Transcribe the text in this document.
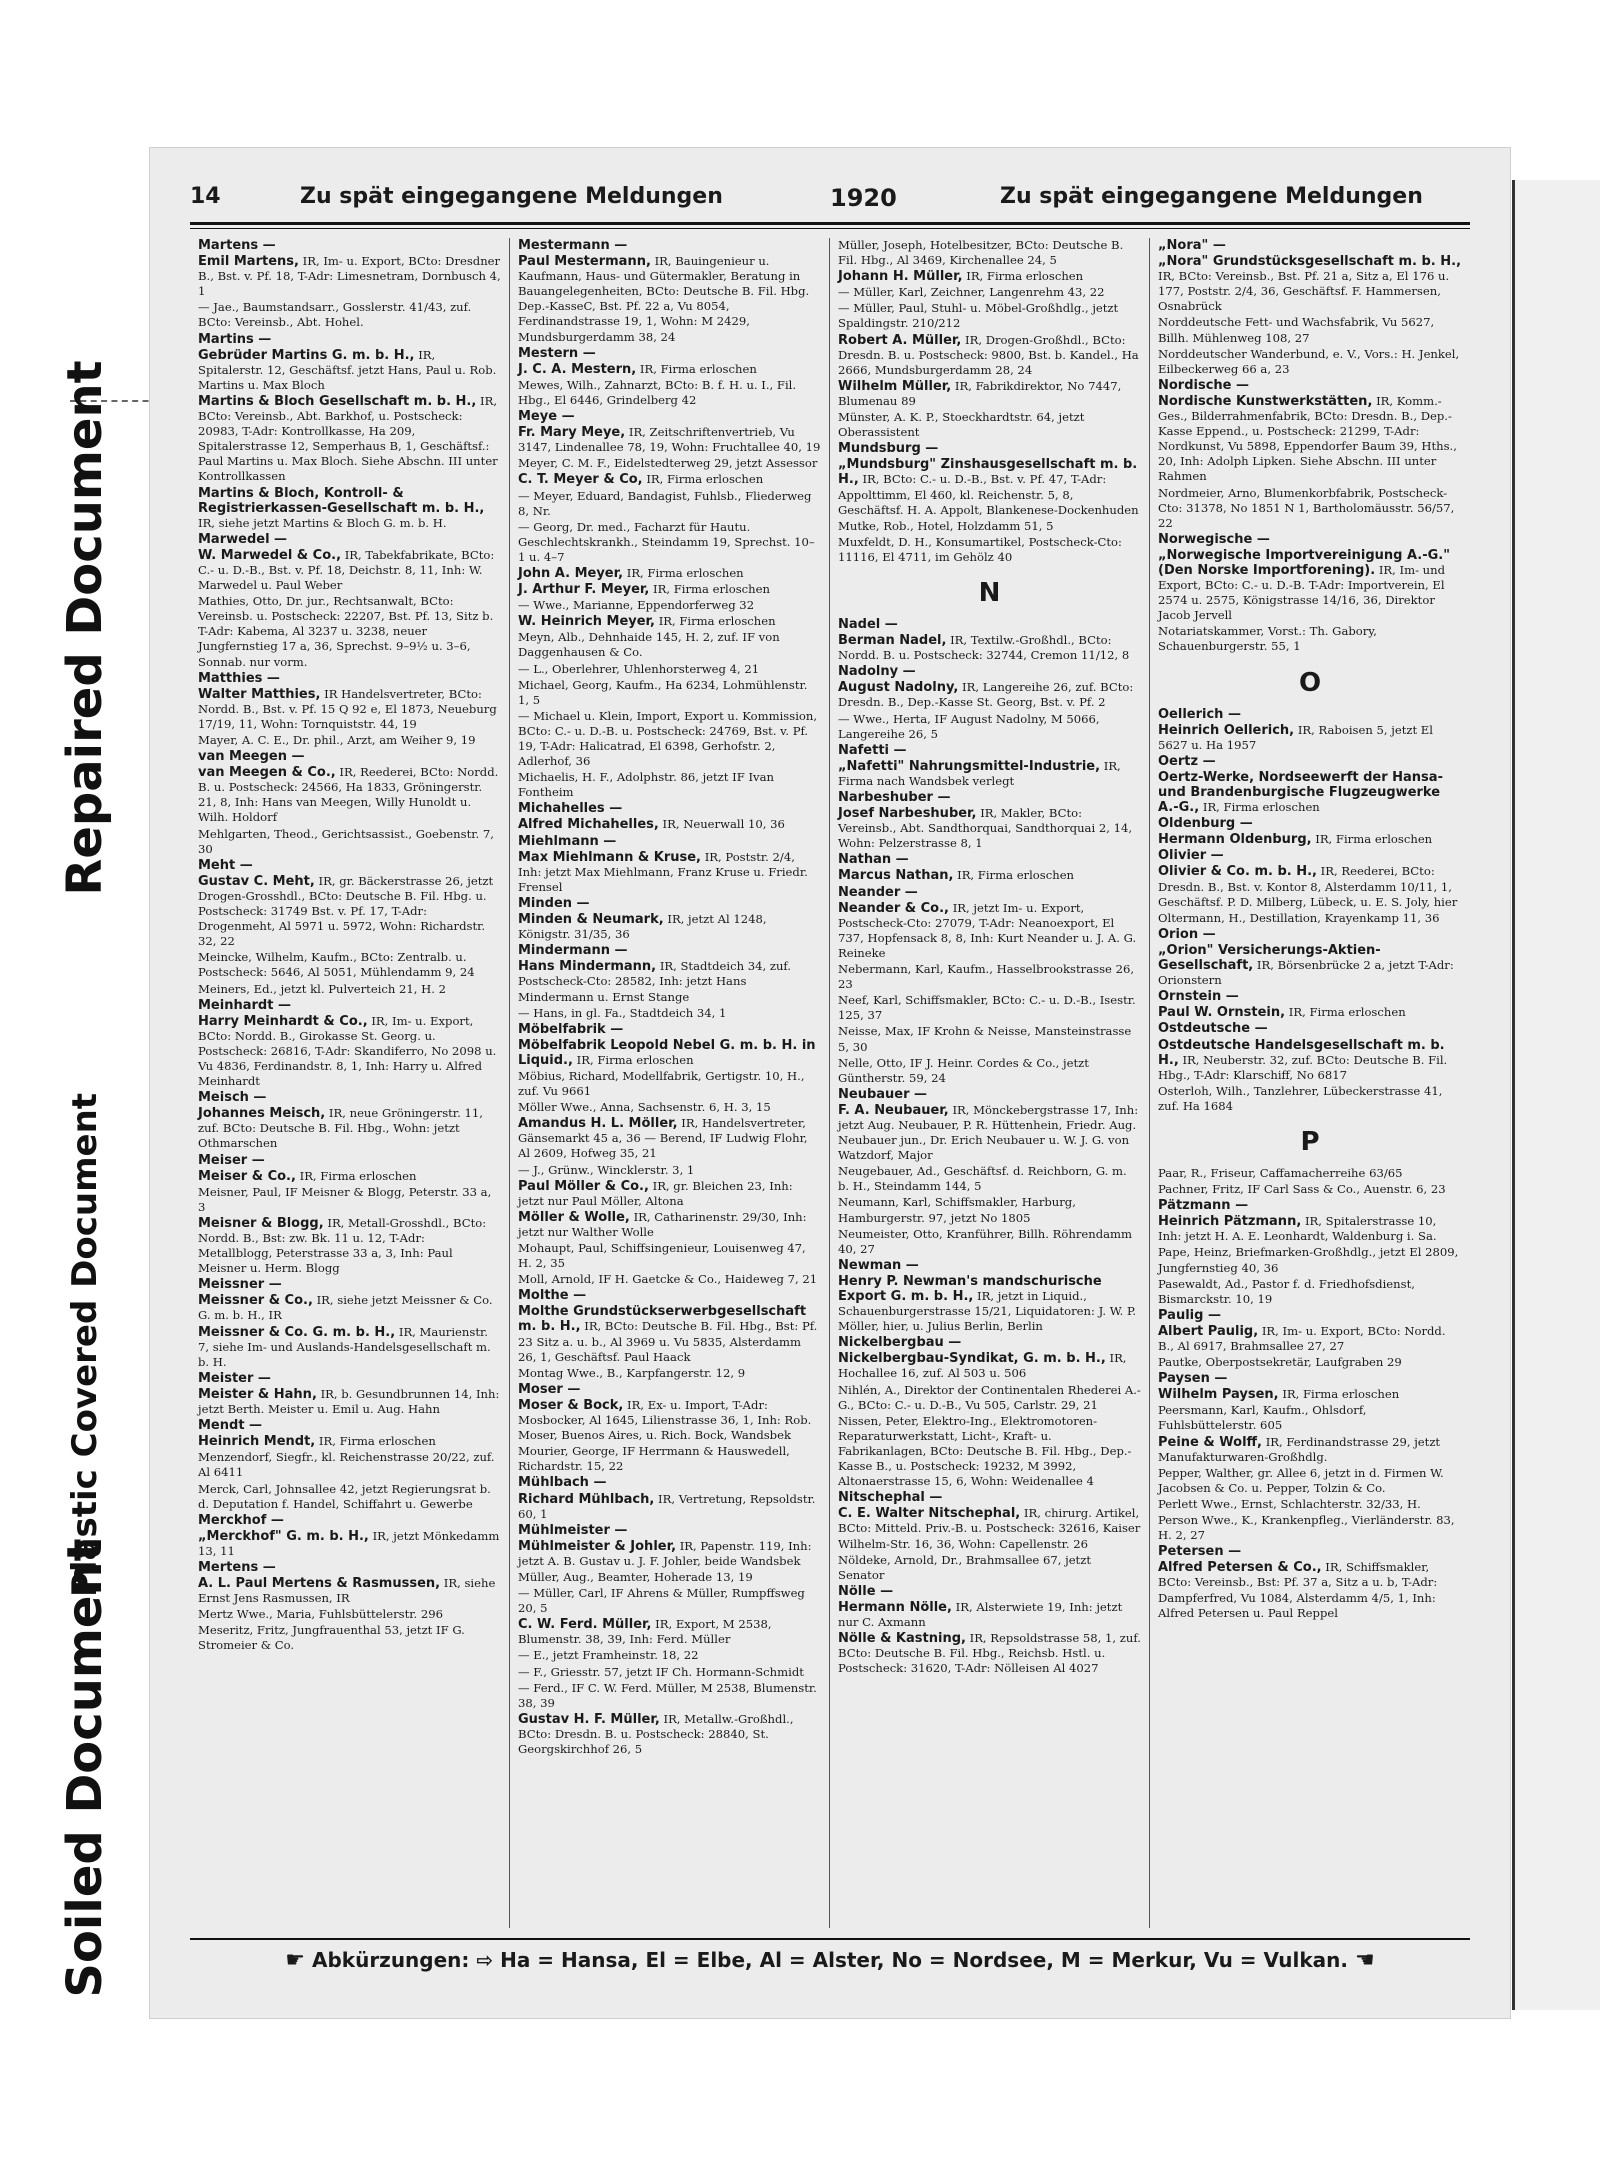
Soiled Document
Plastic Covered Document
Repaired Document
14	Zu spät eingegangene Meldungen	1920	Zu spät eingegangene Meldungen
Martens —
Emil Martens, IR, Im- u. Export, BCto: Dresdner B., Bst. v. Pf. 18, T-Adr: Limesnetram, Dornbusch 4, 1
— Jae., Baumstandsarr., Gosslerstr. 41/43, zuf. BCto: Vereinsb., Abt. Hohel.
Martins —
Gebrüder Martins G. m. b. H., IR, Spitalerstr. 12, Geschäftsf. jetzt Hans, Paul u. Rob. Martins u. Max Bloch
Martins & Bloch Gesellschaft m. b. H., IR, BCto: Vereinsb., Abt. Barkhof, u. Postscheck: 20983, T-Adr: Kontrollkasse, Ha 209, Spitalerstrasse 12, Semperhaus B, 1, Geschäftsf.: Paul Martins u. Max Bloch. Siehe Abschn. III unter Kontrollkassen
Martins & Bloch, Kontroll- & Registrierkassen-Gesellschaft m. b. H., IR, siehe jetzt Martins & Bloch G. m. b. H.
Marwedel —
W. Marwedel & Co., IR, Tabekfabrikate, BCto: C.- u. D.-B., Bst. v. Pf. 18, Deichstr. 8, 11, Inh: W. Marwedel u. Paul Weber
Mathies, Otto, Dr. jur., Rechtsanwalt, BCto: Vereinsb. u. Postscheck: 22207, Bst. Pf. 13, Sitz b. T-Adr: Kabema, Al 3237 u. 3238, neuer Jungfernstieg 17 a, 36, Sprechst. 9–9½ u. 3–6, Sonnab. nur vorm.
Matthies —
Walter Matthies, IR Handelsvertreter, BCto: Nordd. B., Bst. v. Pf. 15 Q 92 e, El 1873, Neueburg 17/19, 11, Wohn: Tornquiststr. 44, 19
Mayer, A. C. E., Dr. phil., Arzt, am Weiher 9, 19
van Meegen —
van Meegen & Co., IR, Reederei, BCto: Nordd. B. u. Postscheck: 24566, Ha 1833, Gröningerstr. 21, 8, Inh: Hans van Meegen, Willy Hunoldt u. Wilh. Holdorf
Mehlgarten, Theod., Gerichtsassist., Goebenstr. 7, 30
Meht —
Gustav C. Meht, IR, gr. Bäckerstrasse 26, jetzt Drogen-Grosshdl., BCto: Deutsche B. Fil. Hbg. u. Postscheck: 31749 Bst. v. Pf. 17, T-Adr: Drogenmeht, Al 5971 u. 5972, Wohn: Richardstr. 32, 22
Meincke, Wilhelm, Kaufm., BCto: Zentralb. u. Postscheck: 5646, Al 5051, Mühlendamm 9, 24
Meiners, Ed., jetzt kl. Pulverteich 21, H. 2
Meinhardt —
Harry Meinhardt & Co., IR, Im- u. Export, BCto: Nordd. B., Girokasse St. Georg. u. Postscheck: 26816, T-Adr: Skandiferro, No 2098 u. Vu 4836, Ferdinandstr. 8, 1, Inh: Harry u. Alfred Meinhardt
Meisch —
Johannes Meisch, IR, neue Gröningerstr. 11, zuf. BCto: Deutsche B. Fil. Hbg., Wohn: jetzt Othmarschen
Meiser —
Meiser & Co., IR, Firma erloschen
Meisner, Paul, IF Meisner & Blogg, Peterstr. 33 a, 3
Meisner & Blogg, IR, Metall-Grosshdl., BCto: Nordd. B., Bst: zw. Bk. 11 u. 12, T-Adr: Metallblogg, Peterstrasse 33 a, 3, Inh: Paul Meisner u. Herm. Blogg
Meissner —
Meissner & Co., IR, siehe jetzt Meissner & Co. G. m. b. H., IR
Meissner & Co. G. m. b. H., IR, Maurienstr. 7, siehe Im- und Auslands-Handelsgesellschaft m. b. H.
Meister —
Meister & Hahn, IR, b. Gesundbrunnen 14, Inh: jetzt Berth. Meister u. Emil u. Aug. Hahn
Mendt —
Heinrich Mendt, IR, Firma erloschen
Menzendorf, Siegfr., kl. Reichenstrasse 20/22, zuf. Al 6411
Merck, Carl, Johnsallee 42, jetzt Regierungsrat b. d. Deputation f. Handel, Schiffahrt u. Gewerbe
Merckhof —
„Merckhof" G. m. b. H., IR, jetzt Mönkedamm 13, 11
Mertens —
A. L. Paul Mertens & Rasmussen, IR, siehe Ernst Jens Rasmussen, IR
Mertz Wwe., Maria, Fuhlsbüttelerstr. 296
Meseritz, Fritz, Jungfrauenthal 53, jetzt IF G. Stromeier & Co.
Mestermann —
Paul Mestermann, IR, Bauingenieur u. Kaufmann, Haus- und Gütermakler, Beratung in Bauangelegenheiten, BCto: Deutsche B. Fil. Hbg. Dep.-KasseC, Bst. Pf. 22 a, Vu 8054, Ferdinandstrasse 19, 1, Wohn: M 2429, Mundsburgerdamm 38, 24
Mestern —
J. C. A. Mestern, IR, Firma erloschen
Mewes, Wilh., Zahnarzt, BCto: B. f. H. u. I., Fil. Hbg., El 6446, Grindelberg 42
Meye —
Fr. Mary Meye, IR, Zeitschriftenvertrieb, Vu 3147, Lindenallee 78, 19, Wohn: Fruchtallee 40, 19
Meyer, C. M. F., Eidelstedterweg 29, jetzt Assessor
C. T. Meyer & Co, IR, Firma erloschen
— Meyer, Eduard, Bandagist, Fuhlsb., Fliederweg 8, Nr.
— Georg, Dr. med., Facharzt für Hautu. Geschlechtskrankh., Steindamm 19, Sprechst. 10–1 u. 4–7
John A. Meyer, IR, Firma erloschen
J. Arthur F. Meyer, IR, Firma erloschen
— Wwe., Marianne, Eppendorferweg 32
W. Heinrich Meyer, IR, Firma erloschen
Meyn, Alb., Dehnhaide 145, H. 2, zuf. IF von Daggenhausen & Co.
— L., Oberlehrer, Uhlenhorsterweg 4, 21
Michael, Georg, Kaufm., Ha 6234, Lohmühlenstr. 1, 5
— Michael u. Klein, Import, Export u. Kommission, BCto: C.- u. D.-B. u. Postscheck: 24769, Bst. v. Pf. 19, T-Adr: Halicatrad, El 6398, Gerhofstr. 2, Adlerhof, 36
Michaelis, H. F., Adolphstr. 86, jetzt IF Ivan Fontheim
Michahelles —
Alfred Michahelles, IR, Neuerwall 10, 36
Miehlmann —
Max Miehlmann & Kruse, IR, Poststr. 2/4, Inh: jetzt Max Miehlmann, Franz Kruse u. Friedr. Frensel
Minden —
Minden & Neumark, IR, jetzt Al 1248, Königstr. 31/35, 36
Mindermann —
Hans Mindermann, IR, Stadtdeich 34, zuf. Postscheck-Cto: 28582, Inh: jetzt Hans Mindermann u. Ernst Stange
— Hans, in gl. Fa., Stadtdeich 34, 1
Möbelfabrik —
Möbelfabrik Leopold Nebel G. m. b. H. in Liquid., IR, Firma erloschen
Möbius, Richard, Modellfabrik, Gertigstr. 10, H., zuf. Vu 9661
Möller Wwe., Anna, Sachsenstr. 6, H. 3, 15
Amandus H. L. Möller, IR, Handelsvertreter, Gänsemarkt 45 a, 36 — Berend, IF Ludwig Flohr, Al 2609, Hofweg 35, 21
— J., Grünw., Wincklerstr. 3, 1
Paul Möller & Co., IR, gr. Bleichen 23, Inh: jetzt nur Paul Möller, Altona
Möller & Wolle, IR, Catharinenstr. 29/30, Inh: jetzt nur Walther Wolle
Mohaupt, Paul, Schiffsingenieur, Louisenweg 47, H. 2, 35
Moll, Arnold, IF H. Gaetcke & Co., Haideweg 7, 21
Molthe —
Molthe Grundstückserwerbgesellschaft m. b. H., IR, BCto: Deutsche B. Fil. Hbg., Bst: Pf. 23 Sitz a. u. b., Al 3969 u. Vu 5835, Alsterdamm 26, 1, Geschäftsf. Paul Haack
Montag Wwe., B., Karpfangerstr. 12, 9
Moser —
Moser & Bock, IR, Ex- u. Import, T-Adr: Mosbocker, Al 1645, Lilienstrasse 36, 1, Inh: Rob. Moser, Buenos Aires, u. Rich. Bock, Wandsbek
Mourier, George, IF Herrmann & Hauswedell, Richardstr. 15, 22
Mühlbach —
Richard Mühlbach, IR, Vertretung, Repsoldstr. 60, 1
Mühlmeister —
Mühlmeister & Johler, IR, Papenstr. 119, Inh: jetzt A. B. Gustav u. J. F. Johler, beide Wandsbek
Müller, Aug., Beamter, Hoherade 13, 19
— Müller, Carl, IF Ahrens & Müller, Rumpffsweg 20, 5
C. W. Ferd. Müller, IR, Export, M 2538, Blumenstr. 38, 39, Inh: Ferd. Müller
— E., jetzt Framheinstr. 18, 22
— F., Griesstr. 57, jetzt IF Ch. Hormann-Schmidt
— Ferd., IF C. W. Ferd. Müller, M 2538, Blumenstr. 38, 39
Gustav H. F. Müller, IR, Metallw.-Großhdl., BCto: Dresdn. B. u. Postscheck: 28840, St. Georgskirchhof 26, 5
Müller, Joseph, Hotelbesitzer, BCto: Deutsche B. Fil. Hbg., Al 3469, Kirchenallee 24, 5
Johann H. Müller, IR, Firma erloschen
— Müller, Karl, Zeichner, Langenrehm 43, 22
— Müller, Paul, Stuhl- u. Möbel-Großhdlg., jetzt Spaldingstr. 210/212
Robert A. Müller, IR, Drogen-Großhdl., BCto: Dresdn. B. u. Postscheck: 9800, Bst. b. Kandel., Ha 2666, Mundsburgerdamm 28, 24
Wilhelm Müller, IR, Fabrikdirektor, No 7447, Blumenau 89
Münster, A. K. P., Stoeckhardtstr. 64, jetzt Oberassistent
Mundsburg —
„Mundsburg" Zinshausgesellschaft m. b. H., IR, BCto: C.- u. D.-B., Bst. v. Pf. 47, T-Adr: Appolttimm, El 460, kl. Reichenstr. 5, 8, Geschäftsf. H. A. Appolt, Blankenese-Dockenhuden
Mutke, Rob., Hotel, Holzdamm 51, 5
Muxfeldt, D. H., Konsumartikel, Postscheck-Cto: 11116, El 4711, im Gehölz 40
N
Nadel —
Berman Nadel, IR, Textilw.-Großhdl., BCto: Nordd. B. u. Postscheck: 32744, Cremon 11/12, 8
Nadolny —
August Nadolny, IR, Langereihe 26, zuf. BCto: Dresdn. B., Dep.-Kasse St. Georg, Bst. v. Pf. 2
— Wwe., Herta, IF August Nadolny, M 5066, Langereihe 26, 5
Nafetti —
„Nafetti" Nahrungsmittel-Industrie, IR, Firma nach Wandsbek verlegt
Narbeshuber —
Josef Narbeshuber, IR, Makler, BCto: Vereinsb., Abt. Sandthorquai, Sandthorquai 2, 14, Wohn: Pelzerstrasse 8, 1
Nathan —
Marcus Nathan, IR, Firma erloschen
Neander —
Neander & Co., IR, jetzt Im- u. Export, Postscheck-Cto: 27079, T-Adr: Neanoexport, El 737, Hopfensack 8, 8, Inh: Kurt Neander u. J. A. G. Reineke
Nebermann, Karl, Kaufm., Hasselbrookstrasse 26, 23
Neef, Karl, Schiffsmakler, BCto: C.- u. D.-B., Isestr. 125, 37
Neisse, Max, IF Krohn & Neisse, Mansteinstrasse 5, 30
Nelle, Otto, IF J. Heinr. Cordes & Co., jetzt Güntherstr. 59, 24
Neubauer —
F. A. Neubauer, IR, Mönckebergstrasse 17, Inh: jetzt Aug. Neubauer, P. R. Hüttenhein, Friedr. Aug. Neubauer jun., Dr. Erich Neubauer u. W. J. G. von Watzdorf, Major
Neugebauer, Ad., Geschäftsf. d. Reichborn, G. m. b. H., Steindamm 144, 5
Neumann, Karl, Schiffsmakler, Harburg, Hamburgerstr. 97, jetzt No 1805
Neumeister, Otto, Kranführer, Billh. Röhrendamm 40, 27
Newman —
Henry P. Newman's mandschurische Export G. m. b. H., IR, jetzt in Liquid., Schauenburgerstrasse 15/21, Liquidatoren: J. W. P. Möller, hier, u. Julius Berlin, Berlin
Nickelbergbau —
Nickelbergbau-Syndikat, G. m. b. H., IR, Hochallee 16, zuf. Al 503 u. 506
Nihlén, A., Direktor der Continentalen Rhederei A.-G., BCto: C.- u. D.-B., Vu 505, Carlstr. 29, 21
Nissen, Peter, Elektro-Ing., Elektromotoren-Reparaturwerkstatt, Licht-, Kraft- u. Fabrikanlagen, BCto: Deutsche B. Fil. Hbg., Dep.-Kasse B., u. Postscheck: 19232, M 3992, Altonaerstrasse 15, 6, Wohn: Weidenallee 4
Nitschephal —
C. E. Walter Nitschephal, IR, chirurg. Artikel, BCto: Mitteld. Priv.-B. u. Postscheck: 32616, Kaiser Wilhelm-Str. 16, 36, Wohn: Capellenstr. 26
Nöldeke, Arnold, Dr., Brahmsallee 67, jetzt Senator
Nölle —
Hermann Nölle, IR, Alsterwiete 19, Inh: jetzt nur C. Axmann
Nölle & Kastning, IR, Repsoldstrasse 58, 1, zuf. BCto: Deutsche B. Fil. Hbg., Reichsb. Hstl. u. Postscheck: 31620, T-Adr: Nölleisen Al 4027
„Nora" —
„Nora" Grundstücksgesellschaft m. b. H., IR, BCto: Vereinsb., Bst. Pf. 21 a, Sitz a, El 176 u. 177, Poststr. 2/4, 36, Geschäftsf. F. Hammersen, Osnabrück
Norddeutsche Fett- und Wachsfabrik, Vu 5627, Billh. Mühlenweg 108, 27
Norddeutscher Wanderbund, e. V., Vors.: H. Jenkel, Eilbeckerweg 66 a, 23
Nordische —
Nordische Kunstwerkstätten, IR, Komm.-Ges., Bilderrahmenfabrik, BCto: Dresdn. B., Dep.-Kasse Eppend., u. Postscheck: 21299, T-Adr: Nordkunst, Vu 5898, Eppendorfer Baum 39, Hths., 20, Inh: Adolph Lipken. Siehe Abschn. III unter Rahmen
Nordmeier, Arno, Blumenkorbfabrik, Postscheck-Cto: 31378, No 1851 N 1, Bartholomäusstr. 56/57, 22
Norwegische —
„Norwegische Importvereinigung A.-G." (Den Norske Importforening). IR, Im- und Export, BCto: C.- u. D.-B. T-Adr: Importverein, El 2574 u. 2575, Königstrasse 14/16, 36, Direktor Jacob Jervell
Notariatskammer, Vorst.: Th. Gabory, Schauenburgerstr. 55, 1
O
Oellerich —
Heinrich Oellerich, IR, Raboisen 5, jetzt El 5627 u. Ha 1957
Oertz —
Oertz-Werke, Nordseewerft der Hansa- und Brandenburgische Flugzeugwerke A.-G., IR, Firma erloschen
Oldenburg —
Hermann Oldenburg, IR, Firma erloschen
Olivier —
Olivier & Co. m. b. H., IR, Reederei, BCto: Dresdn. B., Bst. v. Kontor 8, Alsterdamm 10/11, 1, Geschäftsf. P. D. Milberg, Lübeck, u. E. S. Joly, hier
Oltermann, H., Destillation, Krayenkamp 11, 36
Orion —
„Orion" Versicherungs-Aktien-Gesellschaft, IR, Börsenbrücke 2 a, jetzt T-Adr: Orionstern
Ornstein —
Paul W. Ornstein, IR, Firma erloschen
Ostdeutsche —
Ostdeutsche Handelsgesellschaft m. b. H., IR, Neuberstr. 32, zuf. BCto: Deutsche B. Fil. Hbg., T-Adr: Klarschiff, No 6817
Osterloh, Wilh., Tanzlehrer, Lübeckerstrasse 41, zuf. Ha 1684
P
Paar, R., Friseur, Caffamacherreihe 63/65
Pachner, Fritz, IF Carl Sass & Co., Auenstr. 6, 23
Pätzmann —
Heinrich Pätzmann, IR, Spitalerstrasse 10, Inh: jetzt H. A. E. Leonhardt, Waldenburg i. Sa.
Pape, Heinz, Briefmarken-Großhdlg., jetzt El 2809, Jungfernstieg 40, 36
Pasewaldt, Ad., Pastor f. d. Friedhofsdienst, Bismarckstr. 10, 19
Paulig —
Albert Paulig, IR, Im- u. Export, BCto: Nordd. B., Al 6917, Brahmsallee 27, 27
Pautke, Oberpostsekretär, Laufgraben 29
Paysen —
Wilhelm Paysen, IR, Firma erloschen
Peersmann, Karl, Kaufm., Ohlsdorf, Fuhlsbüttelerstr. 605
Peine & Wolff, IR, Ferdinandstrasse 29, jetzt Manufakturwaren-Großhdlg.
Pepper, Walther, gr. Allee 6, jetzt in d. Firmen W. Jacobsen & Co. u. Pepper, Tolzin & Co.
Perlett Wwe., Ernst, Schlachterstr. 32/33, H.
Person Wwe., K., Krankenpfleg., Vierländerstr. 83, H. 2, 27
Petersen —
Alfred Petersen & Co., IR, Schiffsmakler, BCto: Vereinsb., Bst: Pf. 37 a, Sitz a u. b, T-Adr: Dampferfred, Vu 1084, Alsterdamm 4/5, 1, Inh: Alfred Petersen u. Paul Reppel
☛ Abkürzungen: ⇨ Ha = Hansa, El = Elbe, Al = Alster, No = Nordsee, M = Merkur, Vu = Vulkan. ☚
